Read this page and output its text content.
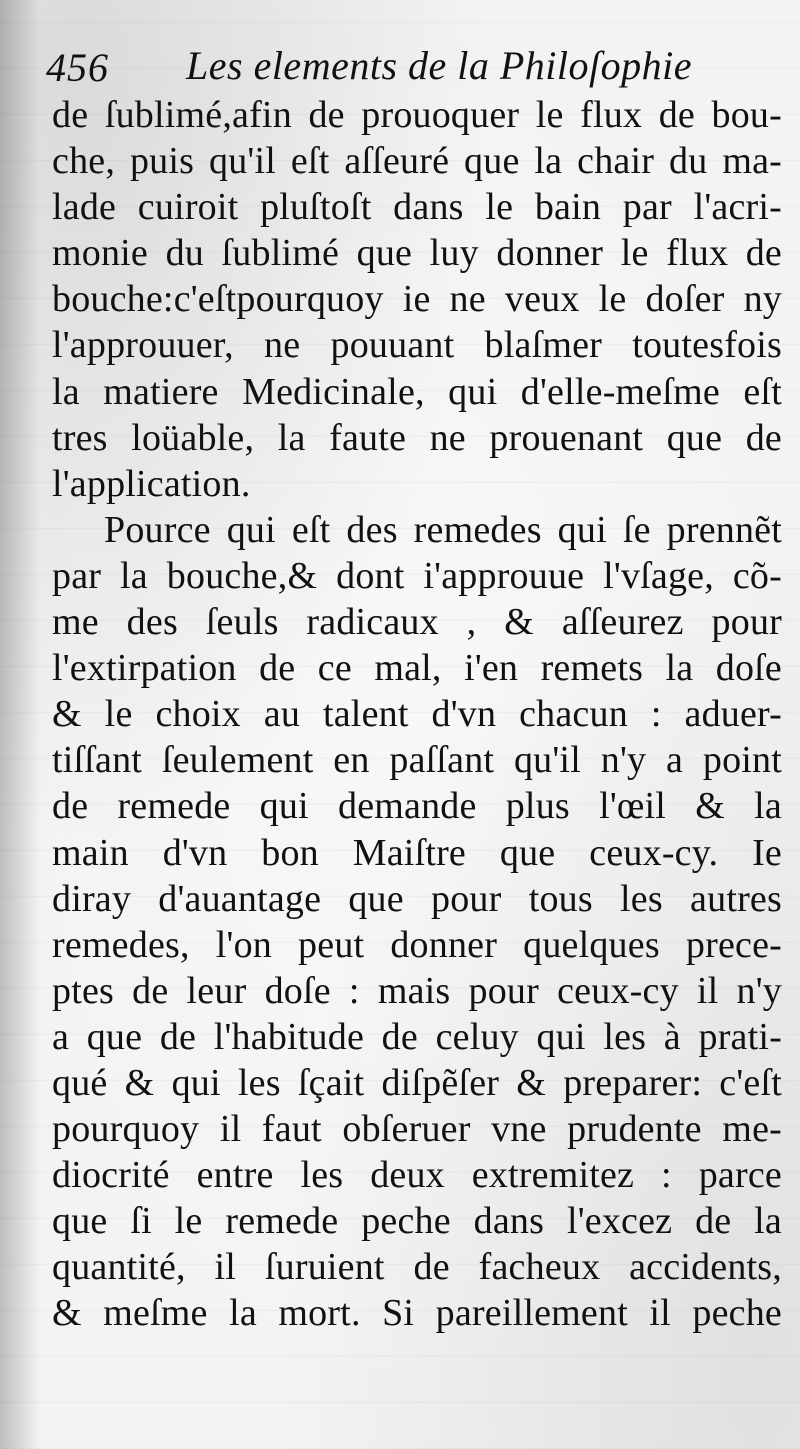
456 Les elements de la Philoſophie
de ſublimé,afin de prouoquer le flux de bou-
che, puis qu'il eſt aſſeuré que la chair du ma-
lade cuiroit pluſtoſt dans le bain par l'acri-
monie du ſublimé que luy donner le flux de
bouche:c'eſtpourquoy ie ne veux le doſer ny
l'approuuer, ne pouuant blaſmer toutesfois
la matiere Medicinale, qui d'elle-meſme eſt
tres loüable, la faute ne prouenant que de
l'application.
Pource qui eſt des remedes qui ſe prennẽt
par la bouche,& dont i'approuue l'vſage, cõ-
me des ſeuls radicaux , & aſſeurez pour
l'extirpation de ce mal, i'en remets la doſe
& le choix au talent d'vn chacun : aduer-
tiſſant ſeulement en paſſant qu'il n'y a point
de remede qui demande plus l'œil & la
main d'vn bon Maiſtre que ceux-cy. Ie
diray d'auantage que pour tous les autres
remedes, l'on peut donner quelques prece-
ptes de leur doſe : mais pour ceux-cy il n'y
a que de l'habitude de celuy qui les à prati-
qué & qui les ſçait diſpẽſer & preparer: c'eſt
pourquoy il faut obſeruer vne prudente me-
diocrité entre les deux extremitez : parce
que ſi le remede peche dans l'excez de la
quantité, il ſuruient de facheux accidents,
& meſme la mort. Si pareillement il peche
